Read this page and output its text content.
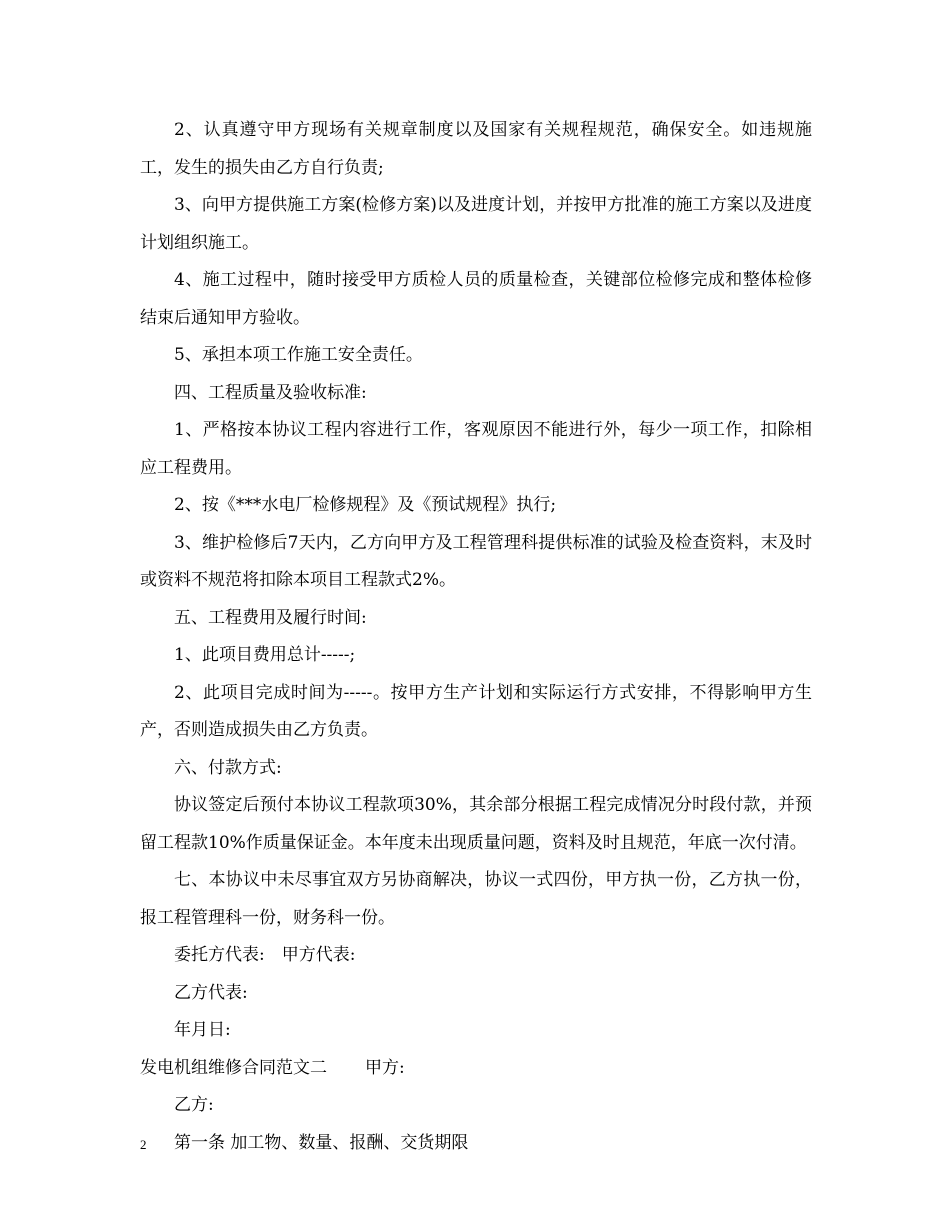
2、认真遵守甲方现场有关规章制度以及国家有关规程规范，确保安全。如违规施工，发生的损失由乙方自行负责;

3、向甲方提供施工方案(检修方案)以及进度计划，并按甲方批准的施工方案以及进度计划组织施工。

4、施工过程中，随时接受甲方质检人员的质量检查，关键部位检修完成和整体检修结束后通知甲方验收。

5、承担本项工作施工安全责任。

四、工程质量及验收标准:

1、严格按本协议工程内容进行工作，客观原因不能进行外，每少一项工作，扣除相应工程费用。

2、按《***水电厂检修规程》及《预试规程》执行;

3、维护检修后7天内，乙方向甲方及工程管理科提供标准的试验及检查资料，末及时或资料不规范将扣除本项目工程款式2%。

五、工程费用及履行时间:

1、此项目费用总计-----;

2、此项目完成时间为-----。按甲方生产计划和实际运行方式安排，不得影响甲方生产，否则造成损失由乙方负责。

六、付款方式:

协议签定后预付本协议工程款项30%，其余部分根据工程完成情况分时段付款，并预留工程款10%作质量保证金。本年度未出现质量问题，资料及时且规范，年底一次付清。

七、本协议中未尽事宜双方另协商解决，协议一式四份，甲方执一份，乙方执一份，报工程管理科一份，财务科一份。

委托方代表:　甲方代表:

乙方代表:

年月日:

发电机组维修合同范文二 甲方:

乙方:

第一条 加工物、数量、报酬、交货期限

2
